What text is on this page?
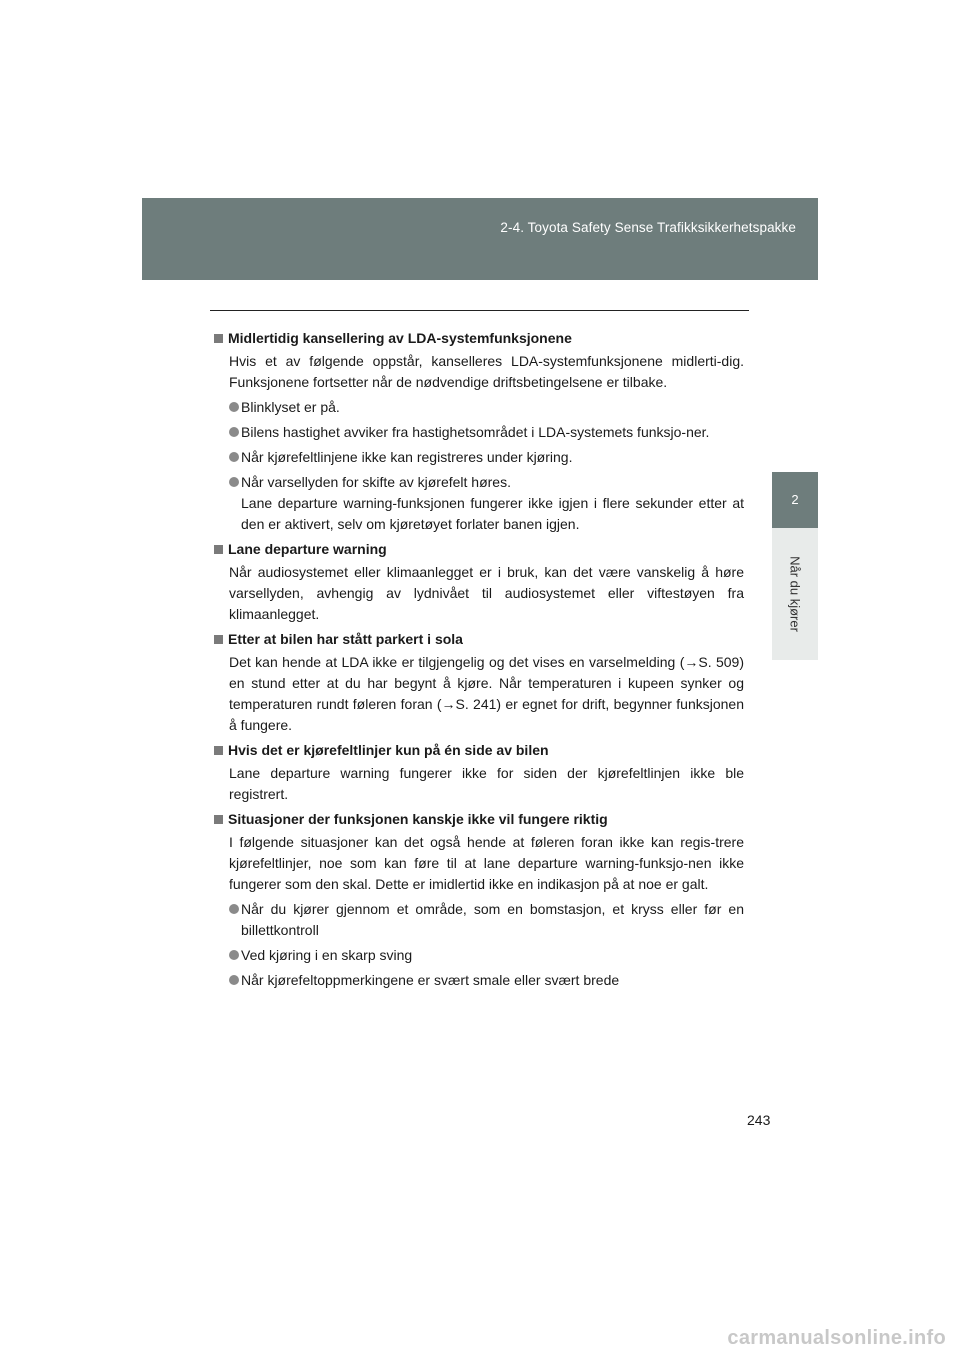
2-4. Toyota Safety Sense Trafikksikkerhetspakke
2
Når du kjører
Midlertidig kansellering av LDA-systemfunksjonene

Hvis et av følgende oppstår, kanselleres LDA-systemfunksjonene midlerti-dig. Funksjonene fortsetter når de nødvendige driftsbetingelsene er tilbake.

Blinklyset er på.
Bilens hastighet avviker fra hastighetsområdet i LDA-systemets funksjo-ner.
Når kjørefeltlinjene ikke kan registreres under kjøring.
Når varsellyden for skifte av kjørefelt høres.
Lane departure warning-funksjonen fungerer ikke igjen i flere sekunder etter at den er aktivert, selv om kjøretøyet forlater banen igjen.
Lane departure warning

Når audiosystemet eller klimaanlegget er i bruk, kan det være vanskelig å høre varsellyden, avhengig av lydnivået til audiosystemet eller viftestøyen fra klimaanlegget.

Etter at bilen har stått parkert i sola

Det kan hende at LDA ikke er tilgjengelig og det vises en varselmelding (→S. 509) en stund etter at du har begynt å kjøre. Når temperaturen i kupeen synker og temperaturen rundt føleren foran (→S. 241) er egnet for drift, begynner funksjonen å fungere.

Hvis det er kjørefeltlinjer kun på én side av bilen

Lane departure warning fungerer ikke for siden der kjørefeltlinjen ikke ble registrert.

Situasjoner der funksjonen kanskje ikke vil fungere riktig

I følgende situasjoner kan det også hende at føleren foran ikke kan regis-trere kjørefeltlinjer, noe som kan føre til at lane departure warning-funksjo-nen ikke fungerer som den skal. Dette er imidlertid ikke en indikasjon på at noe er galt.

Når du kjører gjennom et område, som en bomstasjon, et kryss eller før en billettkontroll
Ved kjøring i en skarp sving
Når kjørefeltoppmerkingene er svært smale eller svært brede
243
carmanualsonline.info
